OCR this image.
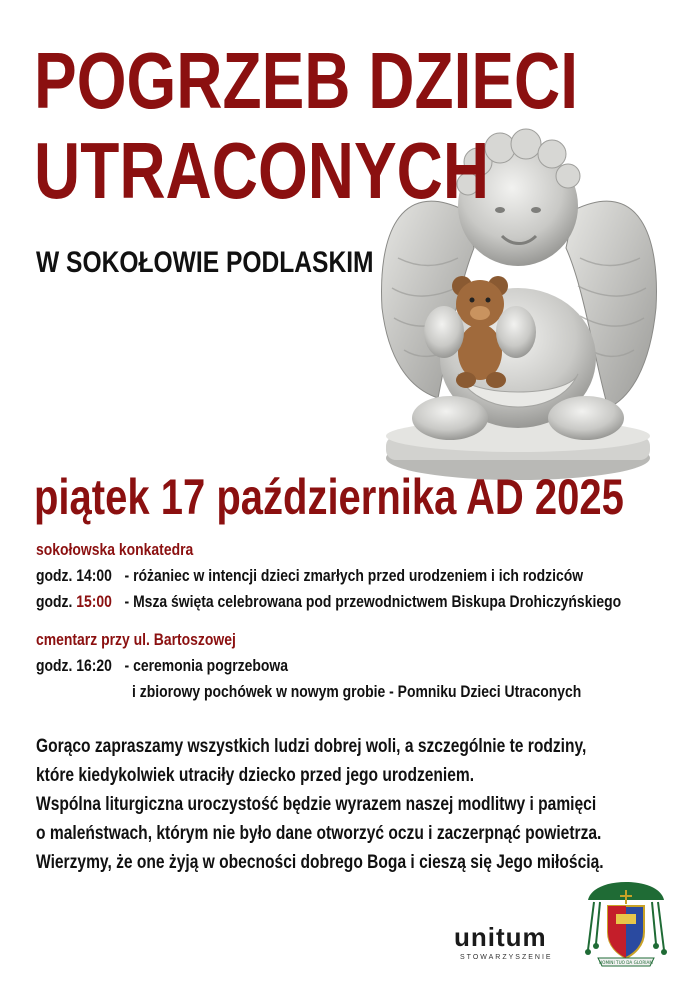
POGRZEB DZIECI
UTRACONYCH
W SOKOŁOWIE PODLASKIM
piątek 17 października AD 2025
sokołowska konkatedra
godz. 14:00 - różaniec w intencji dzieci zmarłych przed urodzeniem i ich rodziców
godz. 15:00 - Msza święta celebrowana pod przewodnictwem Biskupa Drohiczyńskiego
cmentarz przy ul. Bartoszowej
godz. 16:20 - ceremonia pogrzebowa
i zbiorowy pochówek w nowym grobie - Pomniku Dzieci Utraconych
Gorąco zapraszamy wszystkich ludzi dobrej woli, a szczególnie te rodziny,
które kiedykolwiek utraciły dziecko przed jego urodzeniem.
Wspólna liturgiczna uroczystość będzie wyrazem naszej modlitwy i pamięci
o maleństwach, którym nie było dane otworzyć oczu i zaczerpnąć powietrza.
Wierzymy, że one żyją w obecności dobrego Boga i cieszą się Jego miłością.
unitum
STOWARZYSZENIE
NOMINI TUO DA GLORIAM
